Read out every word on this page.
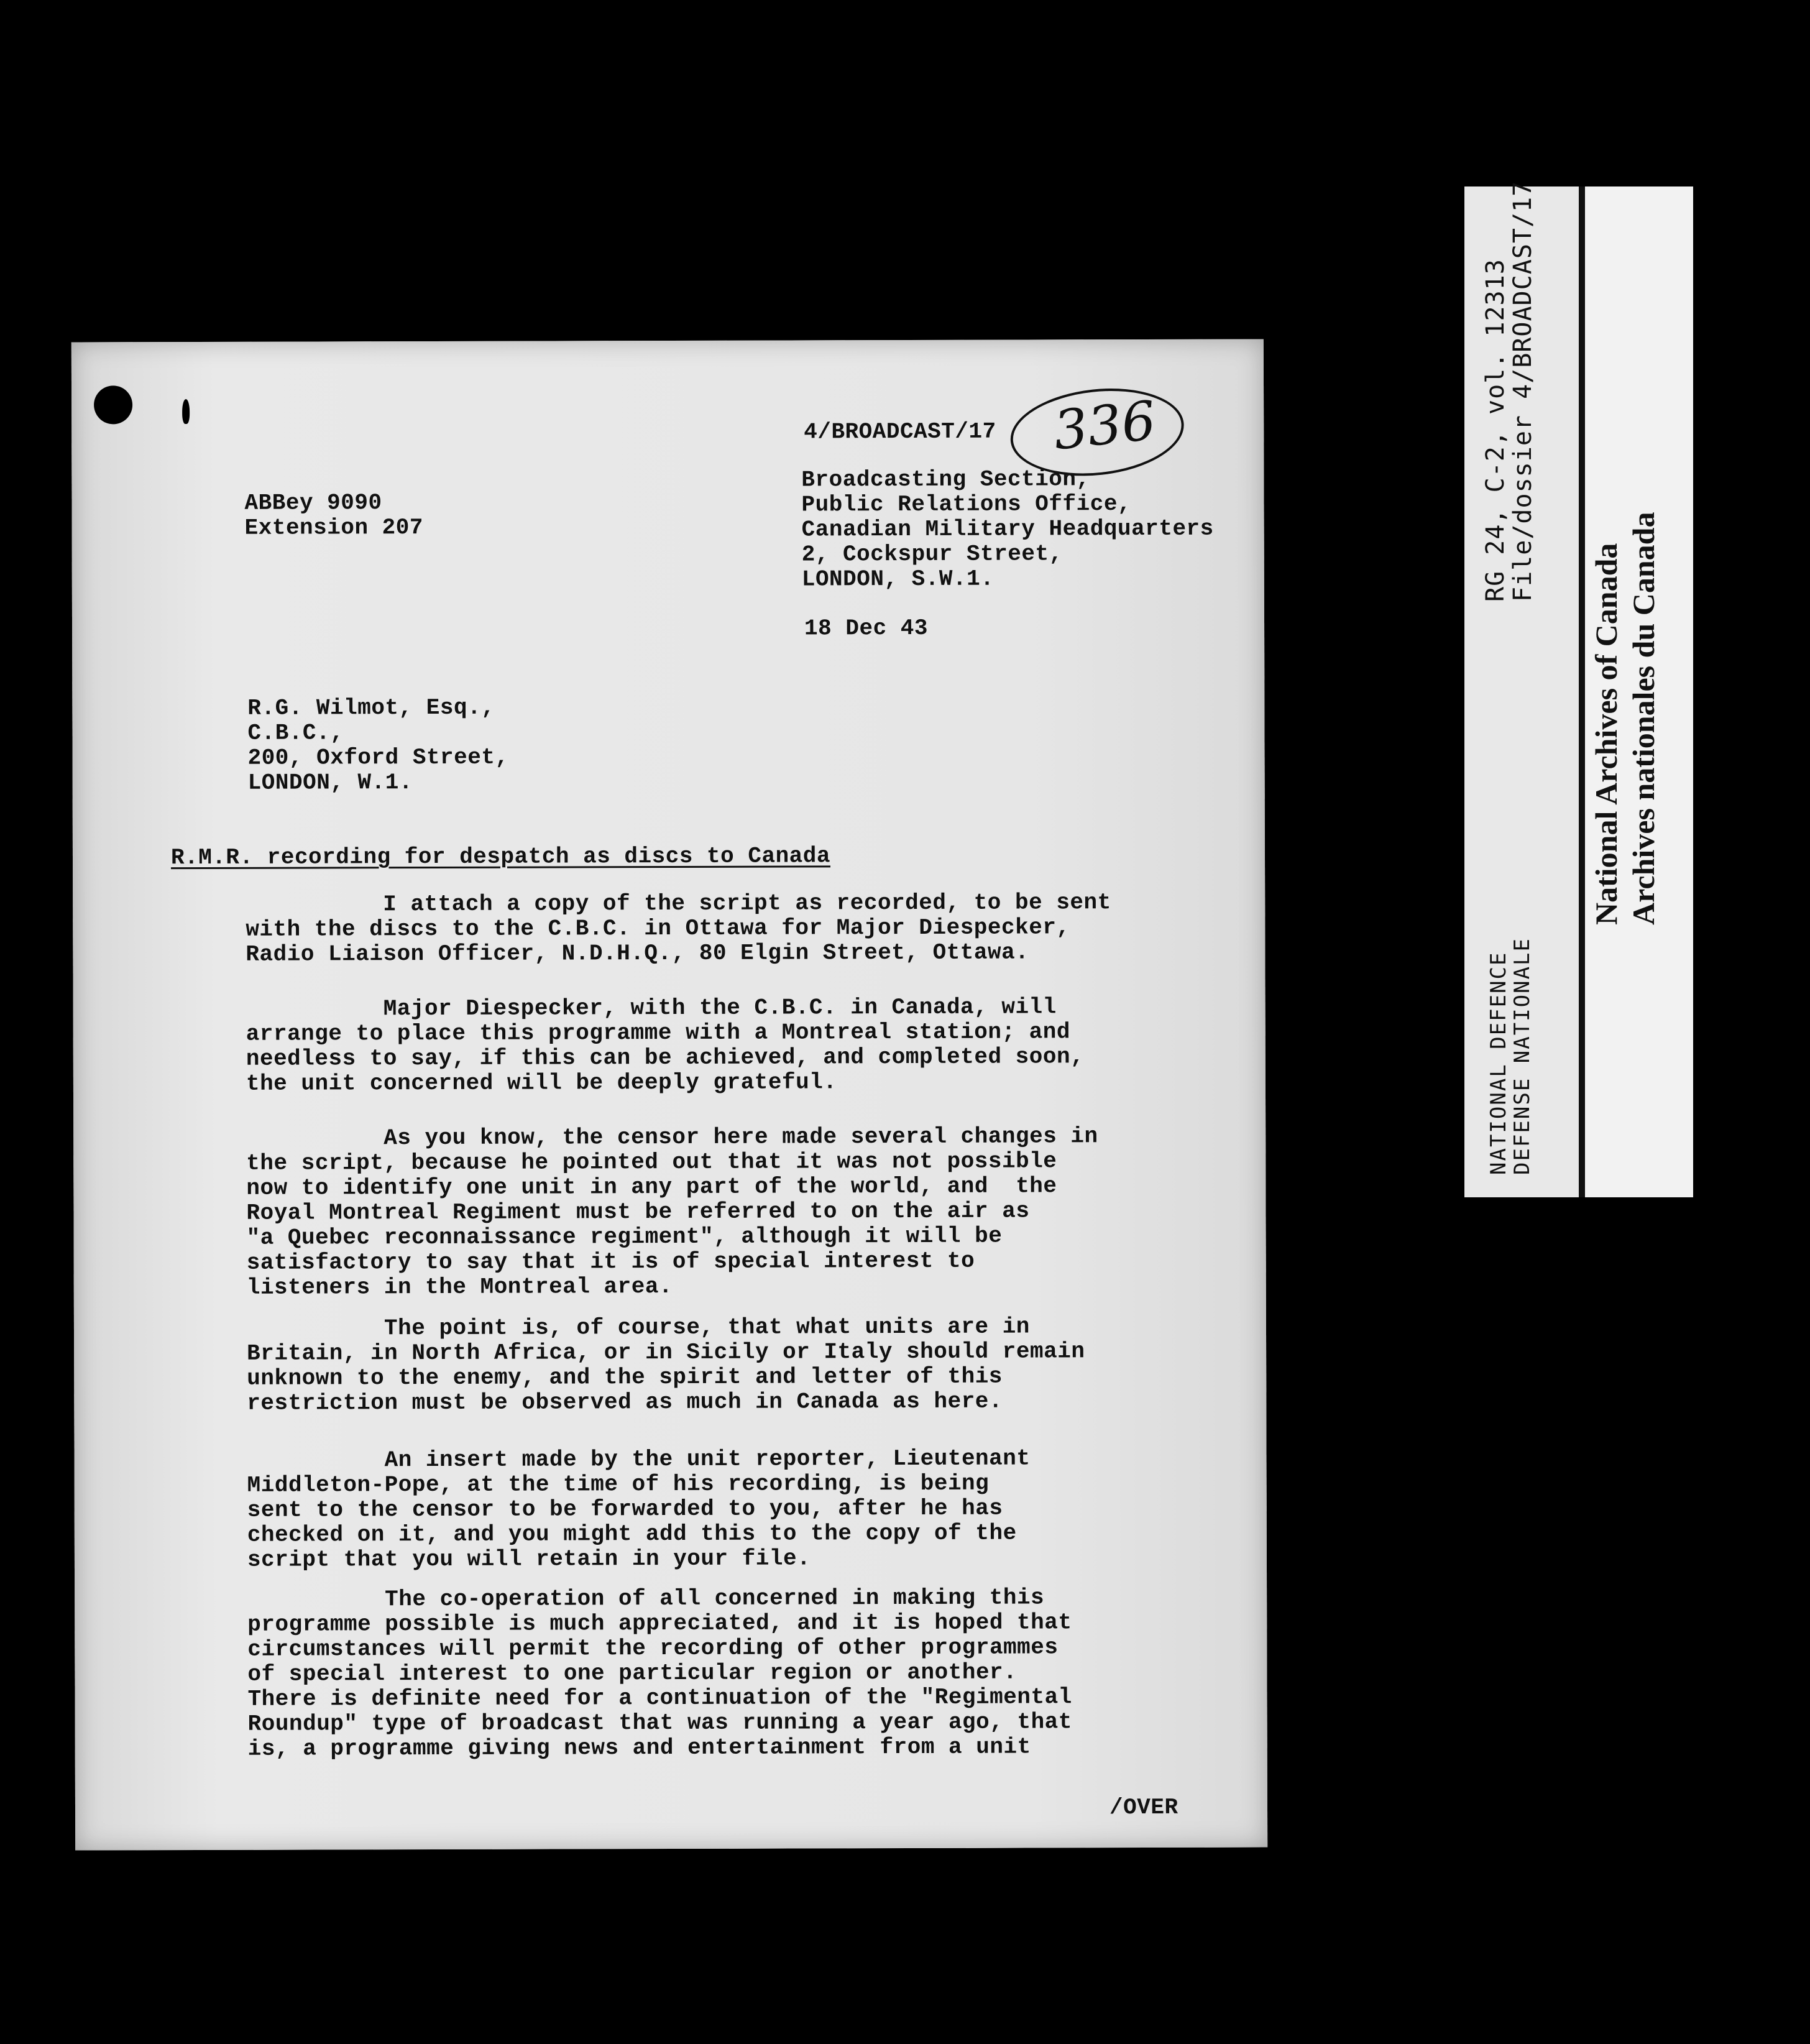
4/BROADCAST/17 336
ABBey 9090
Extension 207
Broadcasting Section,
Public Relations Office,
Canadian Military Headquarters
2, Cockspur Street,
LONDON, S.W.1.
18 Dec 43
R.G. Wilmot, Esq.,
C.B.C.,
200, Oxford Street,
LONDON, W.1.
R.M.R. recording for despatch as discs to Canada
I attach a copy of the script as recorded, to be sent
with the discs to the C.B.C. in Ottawa for Major Diespecker,
Radio Liaison Officer, N.D.H.Q., 80 Elgin Street, Ottawa.
Major Diespecker, with the C.B.C. in Canada, will
arrange to place this programme with a Montreal station; and
needless to say, if this can be achieved, and completed soon,
the unit concerned will be deeply grateful.
As you know, the censor here made several changes in
the script, because he pointed out that it was not possible
now to identify one unit in any part of the world, and  the
Royal Montreal Regiment must be referred to on the air as
"a Quebec reconnaissance regiment", although it will be
satisfactory to say that it is of special interest to
listeners in the Montreal area.
The point is, of course, that what units are in
Britain, in North Africa, or in Sicily or Italy should remain
unknown to the enemy, and the spirit and letter of this
restriction must be observed as much in Canada as here.
An insert made by the unit reporter, Lieutenant
Middleton-Pope, at the time of his recording, is being
sent to the censor to be forwarded to you, after he has
checked on it, and you might add this to the copy of the
script that you will retain in your file.
The co-operation of all concerned in making this
programme possible is much appreciated, and it is hoped that
circumstances will permit the recording of other programmes
of special interest to one particular region or another.
There is definite need for a continuation of the "Regimental
Roundup" type of broadcast that was running a year ago, that
is, a programme giving news and entertainment from a unit
/OVER
RG 24, C-2, vol. 12313
File/dossier 4/BROADCAST/17
NATIONAL DEFENCE
DEFENSE NATIONALE
National Archives of Canada
Archives nationales du Canada
